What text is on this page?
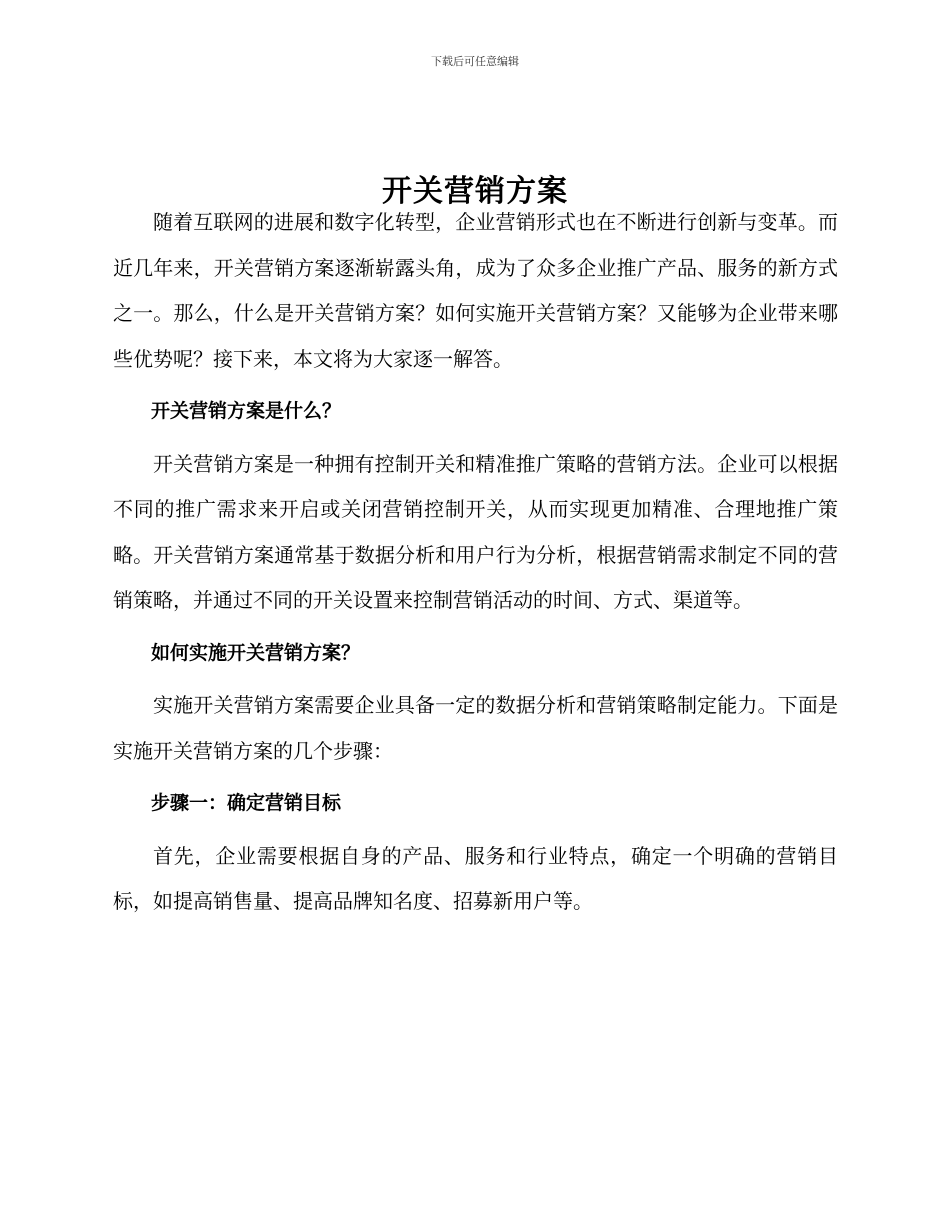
下载后可任意编辑
开关营销方案

随着互联网的进展和数字化转型，企业营销形式也在不断进行创新与变革。而近几年来，开关营销方案逐渐崭露头角，成为了众多企业推广产品、服务的新方式之一。那么，什么是开关营销方案？如何实施开关营销方案？又能够为企业带来哪些优势呢？接下来，本文将为大家逐一解答。

开关营销方案是什么？

开关营销方案是一种拥有控制开关和精准推广策略的营销方法。企业可以根据不同的推广需求来开启或关闭营销控制开关，从而实现更加精准、合理地推广策略。开关营销方案通常基于数据分析和用户行为分析，根据营销需求制定不同的营销策略，并通过不同的开关设置来控制营销活动的时间、方式、渠道等。

如何实施开关营销方案？

实施开关营销方案需要企业具备一定的数据分析和营销策略制定能力。下面是实施开关营销方案的几个步骤：

步骤一：确定营销目标

首先，企业需要根据自身的产品、服务和行业特点，确定一个明确的营销目标，如提高销售量、提高品牌知名度、招募新用户等。
